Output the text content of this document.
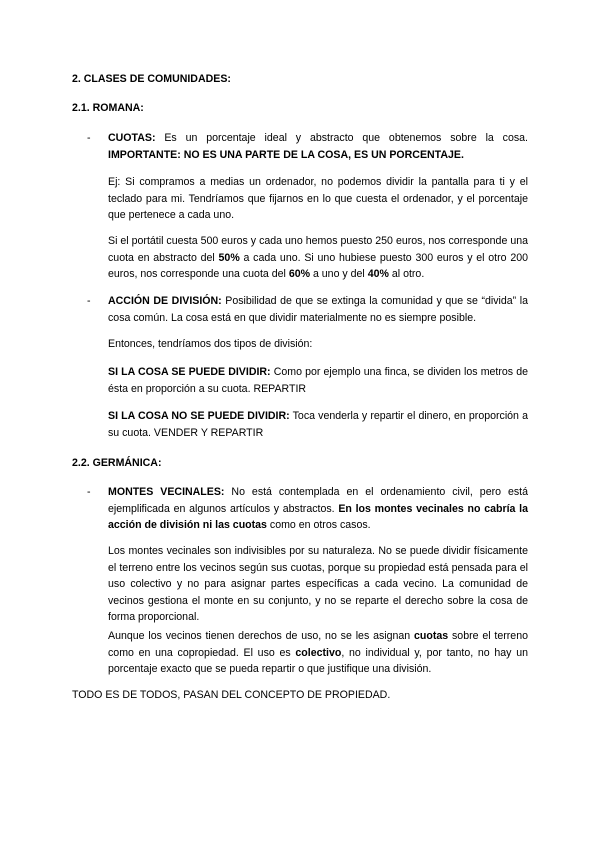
2. CLASES DE COMUNIDADES:
2.1. ROMANA:
- CUOTAS: Es un porcentaje ideal y abstracto que obtenemos sobre la cosa. IMPORTANTE: NO ES UNA PARTE DE LA COSA, ES UN PORCENTAJE.

Ej: Si compramos a medias un ordenador, no podemos dividir la pantalla para ti y el teclado para mi. Tendríamos que fijarnos en lo que cuesta el ordenador, y el porcentaje que pertenece a cada uno.

Si el portátil cuesta 500 euros y cada uno hemos puesto 250 euros, nos corresponde una cuota en abstracto del 50% a cada uno. Si uno hubiese puesto 300 euros y el otro 200 euros, nos corresponde una cuota del 60% a uno y del 40% al otro.

- ACCIÓN DE DIVISIÓN: Posibilidad de que se extinga la comunidad y que se “divida” la cosa común. La cosa está en que dividir materialmente no es siempre posible.

Entonces, tendríamos dos tipos de división:

SI LA COSA SE PUEDE DIVIDIR: Como por ejemplo una finca, se dividen los metros de ésta en proporción a su cuota. REPARTIR

SI LA COSA NO SE PUEDE DIVIDIR: Toca venderla y repartir el dinero, en proporción a su cuota. VENDER Y REPARTIR

2.2. GERMÁNICA:
- MONTES VECINALES: No está contemplada en el ordenamiento civil, pero está ejemplificada en algunos artículos y abstractos. En los montes vecinales no cabría la acción de división ni las cuotas como en otros casos.

Los montes vecinales son indivisibles por su naturaleza. No se puede dividir físicamente el terreno entre los vecinos según sus cuotas, porque su propiedad está pensada para el uso colectivo y no para asignar partes específicas a cada vecino. La comunidad de vecinos gestiona el monte en su conjunto, y no se reparte el derecho sobre la cosa de forma proporcional.

Aunque los vecinos tienen derechos de uso, no se les asignan cuotas sobre el terreno como en una copropiedad. El uso es colectivo, no individual y, por tanto, no hay un porcentaje exacto que se pueda repartir o que justifique una división.

TODO ES DE TODOS, PASAN DEL CONCEPTO DE PROPIEDAD.
